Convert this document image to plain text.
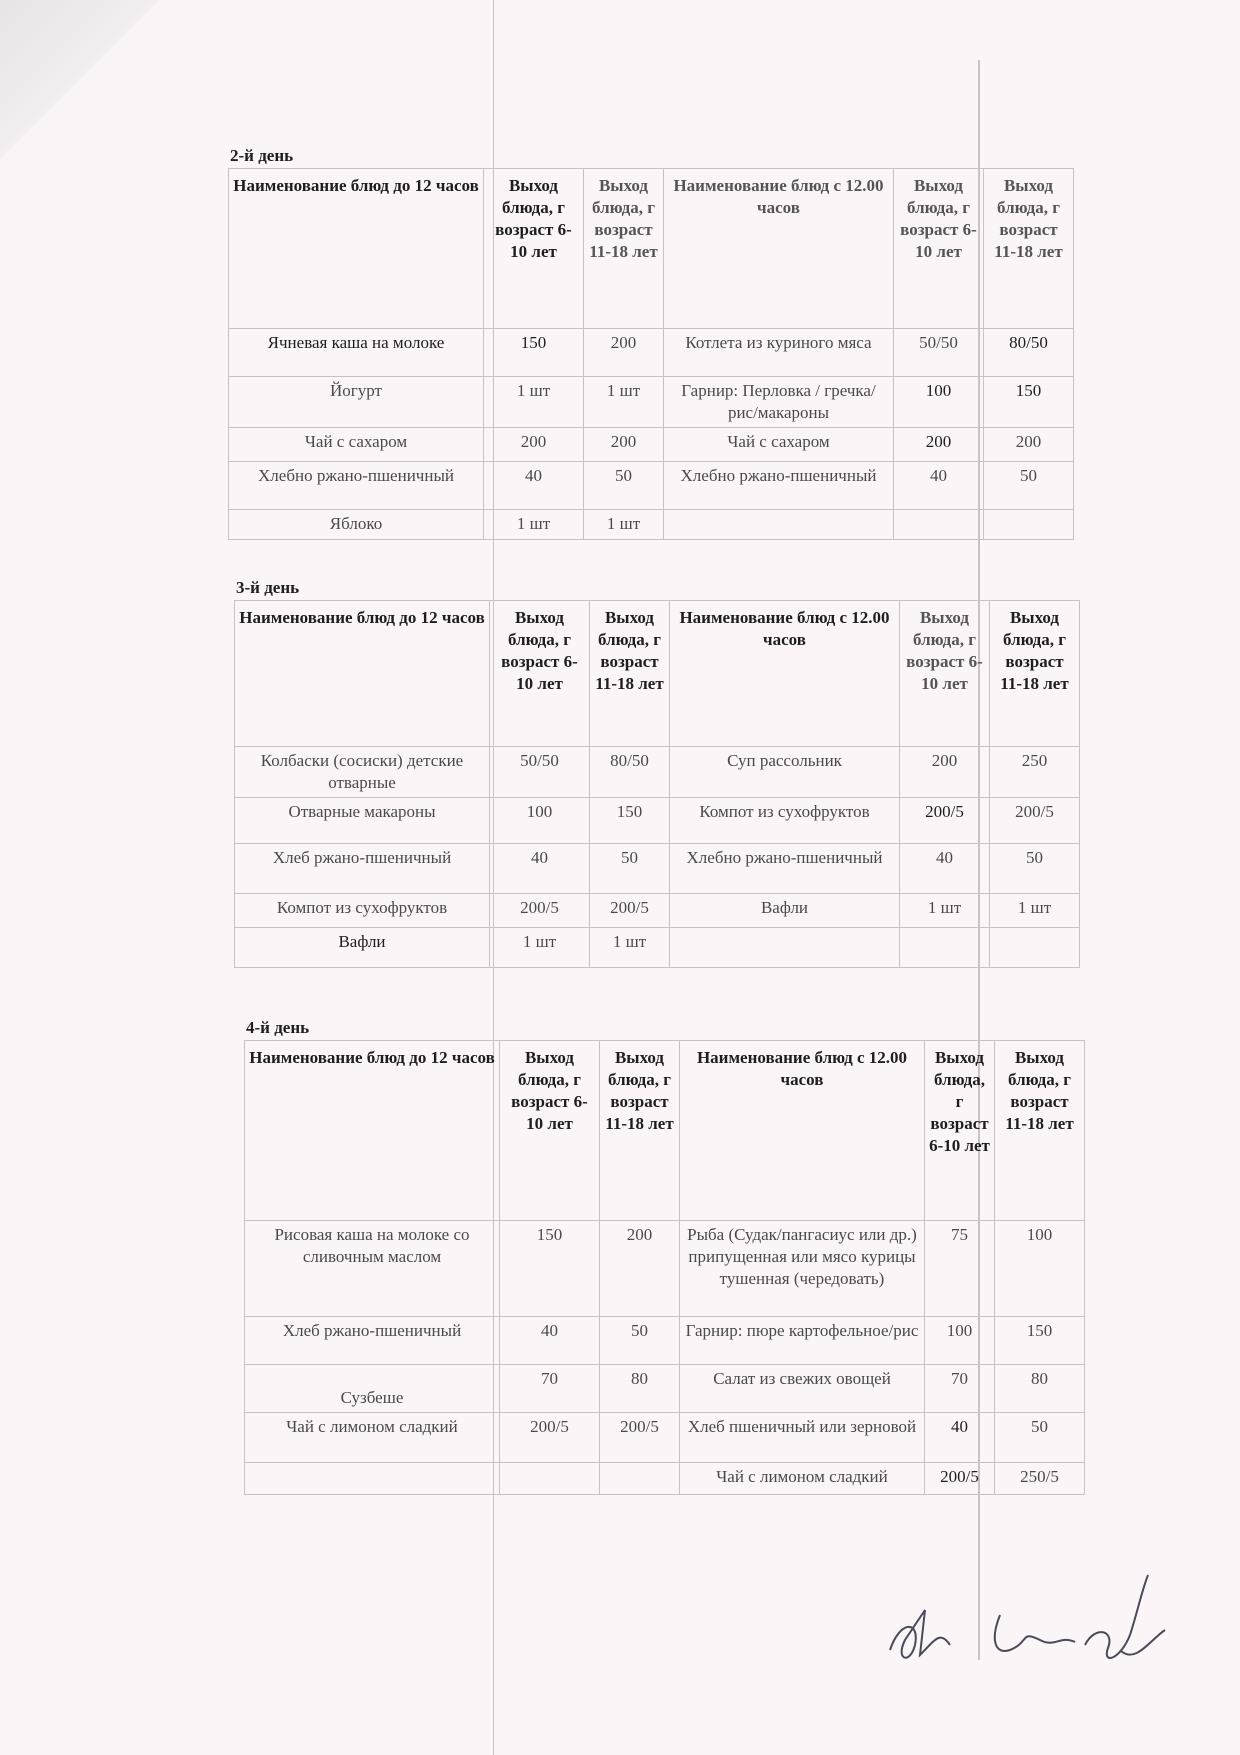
2-й день
Наименование блюд до 12 часов	Выход блюда, г возраст 6-10 лет	Выход блюда, г возраст 11-18 лет	Наименование блюд с 12.00 часов	Выход блюда, г возраст 6-10 лет	Выход блюда, г возраст 11-18 лет
Ячневая каша на молоке	150	200	Котлета из куриного мяса	50/50	80/50
Йогурт	1 шт	1 шт	Гарнир: Перловка / гречка/ рис/макароны	100	150
Чай с сахаром	200	200	Чай с сахаром	200	200
Хлебно ржано-пшеничный	40	50	Хлебно ржано-пшеничный	40	50
Яблоко	1 шт	1 шт			
3-й день
Наименование блюд до 12 часов	Выход блюда, г возраст 6-10 лет	Выход блюда, г возраст 11-18 лет	Наименование блюд с 12.00 часов	Выход блюда, г возраст 6-10 лет	Выход блюда, г возраст 11-18 лет
Колбаски (сосиски) детские отварные	50/50	80/50	Суп рассольник	200	250
Отварные макароны	100	150	Компот из сухофруктов	200/5	200/5
Хлеб ржано-пшеничный	40	50	Хлебно ржано-пшеничный	40	50
Компот из сухофруктов	200/5	200/5	Вафли	1 шт	1 шт
Вафли	1 шт	1 шт			
4-й день
Наименование блюд до 12 часов	Выход блюда, г возраст 6-10 лет	Выход блюда, г возраст 11-18 лет	Наименование блюд с 12.00 часов	Выход блюда, г возраст 6-10 лет	Выход блюда, г возраст 11-18 лет
Рисовая каша на молоке со сливочным маслом	150	200	Рыба (Судак/пангасиус или др.) припущенная или мясо курицы тушенная (чередовать)	75	100
Хлеб ржано-пшеничный	40	50	Гарнир: пюре картофельное/рис	100	150
Сузбеше	70	80	Салат из свежих овощей	70	80
Чай с лимоном сладкий	200/5	200/5	Хлеб пшеничный или зерновой	40	50
			Чай с лимоном сладкий	200/5	250/5
